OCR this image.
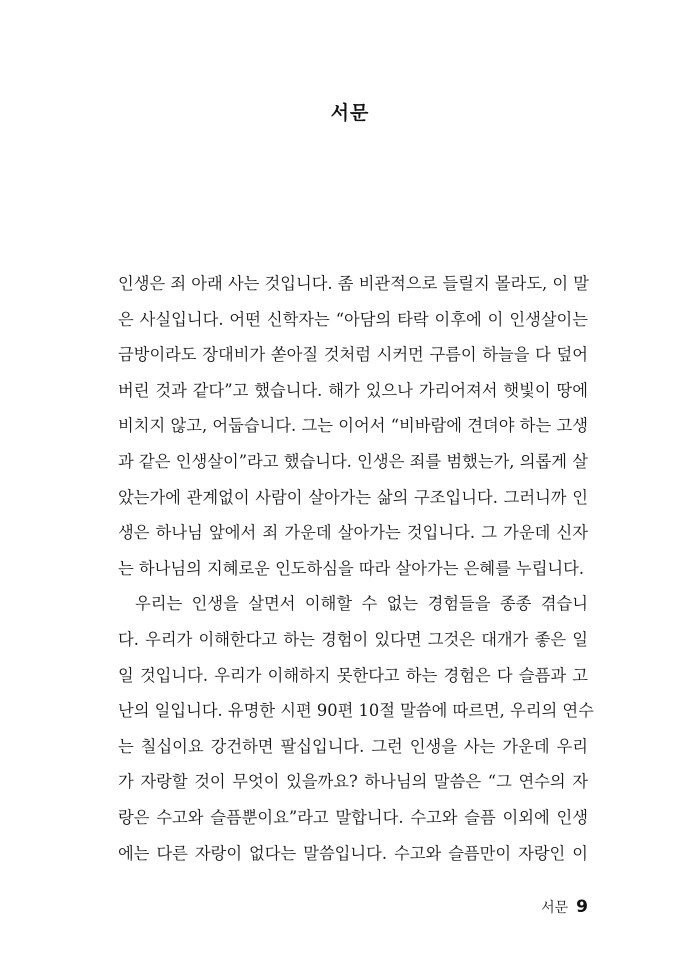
서문
인생은 죄 아래 사는 것입니다. 좀 비관적으로 들릴지 몰라도, 이 말
은 사실입니다. 어떤 신학자는 “아담의 타락 이후에 이 인생살이는
금방이라도 장대비가 쏟아질 것처럼 시커먼 구름이 하늘을 다 덮어
버린 것과 같다”고 했습니다. 해가 있으나 가리어져서 햇빛이 땅에
비치지 않고, 어둡습니다. 그는 이어서 “비바람에 견뎌야 하는 고생
과 같은 인생살이”라고 했습니다. 인생은 죄를 범했는가, 의롭게 살
았는가에 관계없이 사람이 살아가는 삶의 구조입니다. 그러니까 인
생은 하나님 앞에서 죄 가운데 살아가는 것입니다. 그 가운데 신자
는 하나님의 지혜로운 인도하심을 따라 살아가는 은혜를 누립니다.
우리는 인생을 살면서 이해할 수 없는 경험들을 종종 겪습니
다. 우리가 이해한다고 하는 경험이 있다면 그것은 대개가 좋은 일
일 것입니다. 우리가 이해하지 못한다고 하는 경험은 다 슬픔과 고
난의 일입니다. 유명한 시편 90편 10절 말씀에 따르면, 우리의 연수
는 칠십이요 강건하면 팔십입니다. 그런 인생을 사는 가운데 우리
가 자랑할 것이 무엇이 있을까요? 하나님의 말씀은 “그 연수의 자
랑은 수고와 슬픔뿐이요”라고 말합니다. 수고와 슬픔 이외에 인생
에는 다른 자랑이 없다는 말씀입니다. 수고와 슬픔만이 자랑인 이
서문 9
